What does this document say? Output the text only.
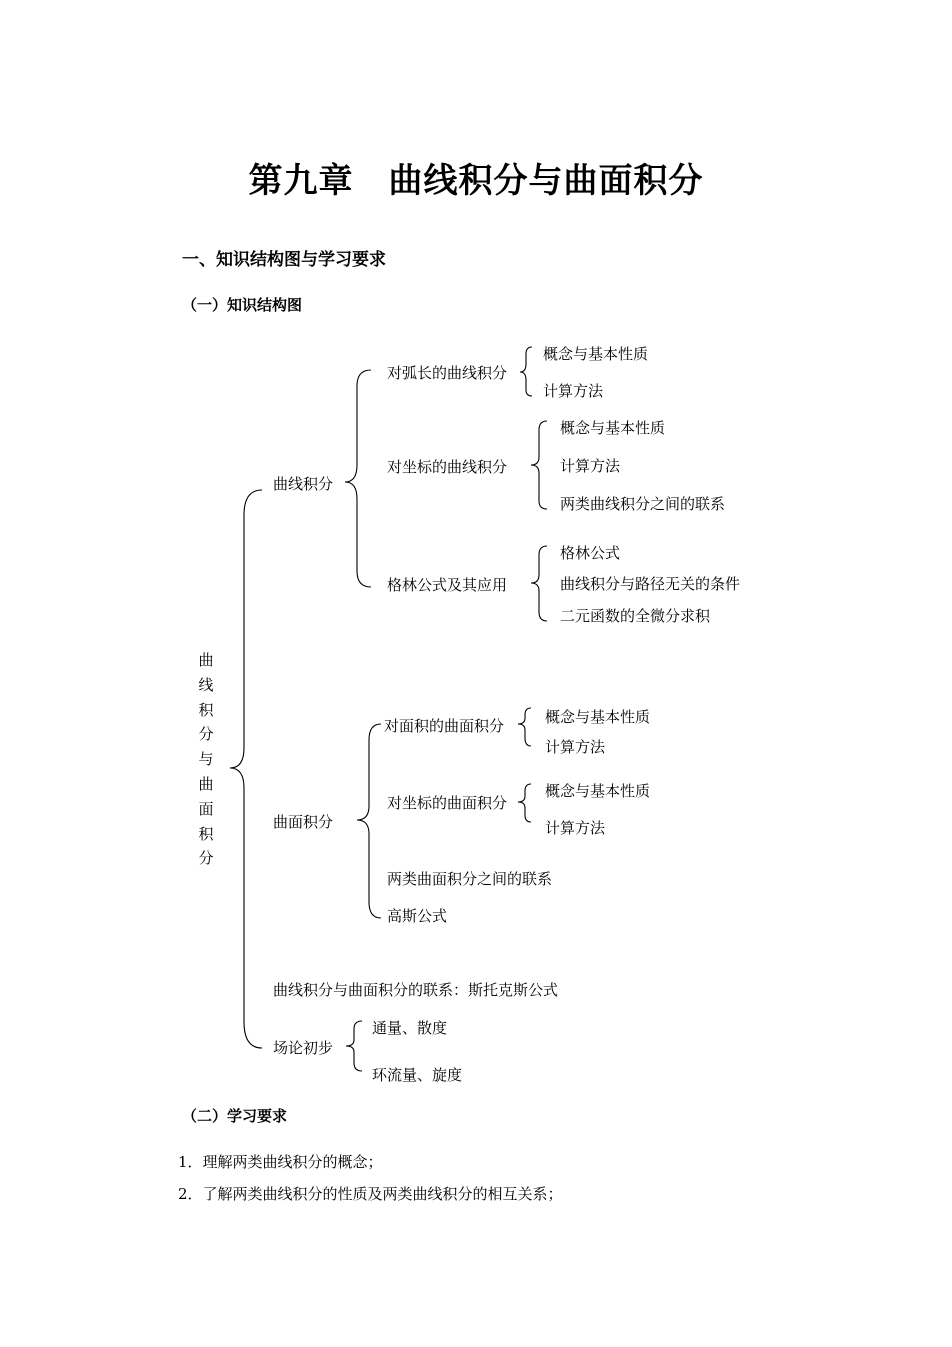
第九章　曲线积分与曲面积分
一、知识结构图与学习要求
（一）知识结构图
曲
线
积
分
与
曲
面
积
分
曲线积分
对弧长的曲线积分
概念与基本性质
计算方法
对坐标的曲线积分
概念与基本性质
计算方法
两类曲线积分之间的联系
格林公式及其应用
格林公式
曲线积分与路径无关的条件
二元函数的全微分求积
曲面积分
对面积的曲面积分	概念与基本性质
计算方法
对坐标的曲面积分
概念与基本性质
计算方法
两类曲面积分之间的联系
高斯公式
曲线积分与曲面积分的联系：斯托克斯公式
场论初步
通量、散度
环流量、旋度
（二）学习要求
1．理解两类曲线积分的概念；
2．了解两类曲线积分的性质及两类曲线积分的相互关系；
